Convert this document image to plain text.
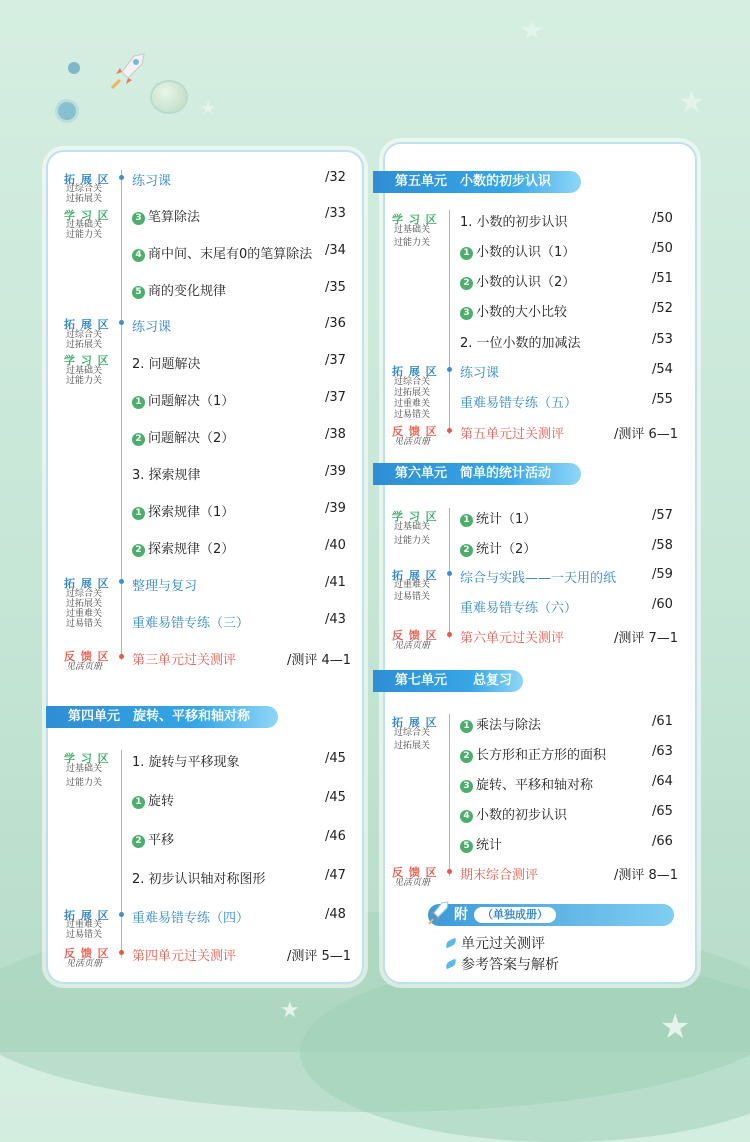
★
★
★
★	★
拓 展 区
过综合关
过拓展关
学 习 区
过基础关
过能力关
拓 展 区
过综合关
过拓展关
学 习 区
过基础关
过能力关
拓 展 区
过综合关
过拓展关
过重难关
过易错关
反 馈 区
见活页册
练习课	/32
3 笔算除法	/33
4 商中间、末尾有0的笔算除法 /34
5 商的变化规律	/35
练习课	/36
2. 问题解决	/37
1 问题解决（1）	/37
2 问题解决（2）	/38
3. 探索规律	/39
1 探索规律（1）	/39
2 探索规律（2）	/40
整理与复习	/41
重难易错专练（三）	/43
第三单元过关测评	/测评 4—1
第四单元　旋转、平移和轴对称
学 习 区
过基础关
过能力关
拓 展 区
过重难关
过易错关
反 馈 区
见活页册
1. 旋转与平移现象	/45
1 旋转	/45
2 平移	/46
2. 初步认识轴对称图形	/47
重难易错专练（四）	/48
第四单元过关测评	/测评 5—1
第五单元　小数的初步认识
学 习 区
过基础关
过能力关
拓 展 区
过综合关
过拓展关
过重难关
过易错关
反 馈 区
见活页册
1. 小数的初步认识	/50
1 小数的认识（1）	/50
2 小数的认识（2）	/51
3 小数的大小比较	/52
2. 一位小数的加减法	/53
练习课	/54
重难易错专练（五）	/55
第五单元过关测评	/测评 6—1
第六单元　简单的统计活动
学 习 区
过基础关
过能力关
拓 展 区
过重难关
过易错关
反 馈 区
见活页册
1 统计（1）	/57
2 统计（2）	/58
综合与实践——一天用的纸	/59
重难易错专练（六）	/60
第六单元过关测评	/测评 7—1
第七单元　　总复习
拓 展 区
过综合关
过拓展关
反 馈 区
见活页册
1 乘法与除法	/61
2 长方形和正方形的面积	/63
3 旋转、平移和轴对称	/64
4 小数的初步认识	/65
5 统计	/66
期末综合测评	/测评 8—1
附 （单独成册）
单元过关测评
参考答案与解析
